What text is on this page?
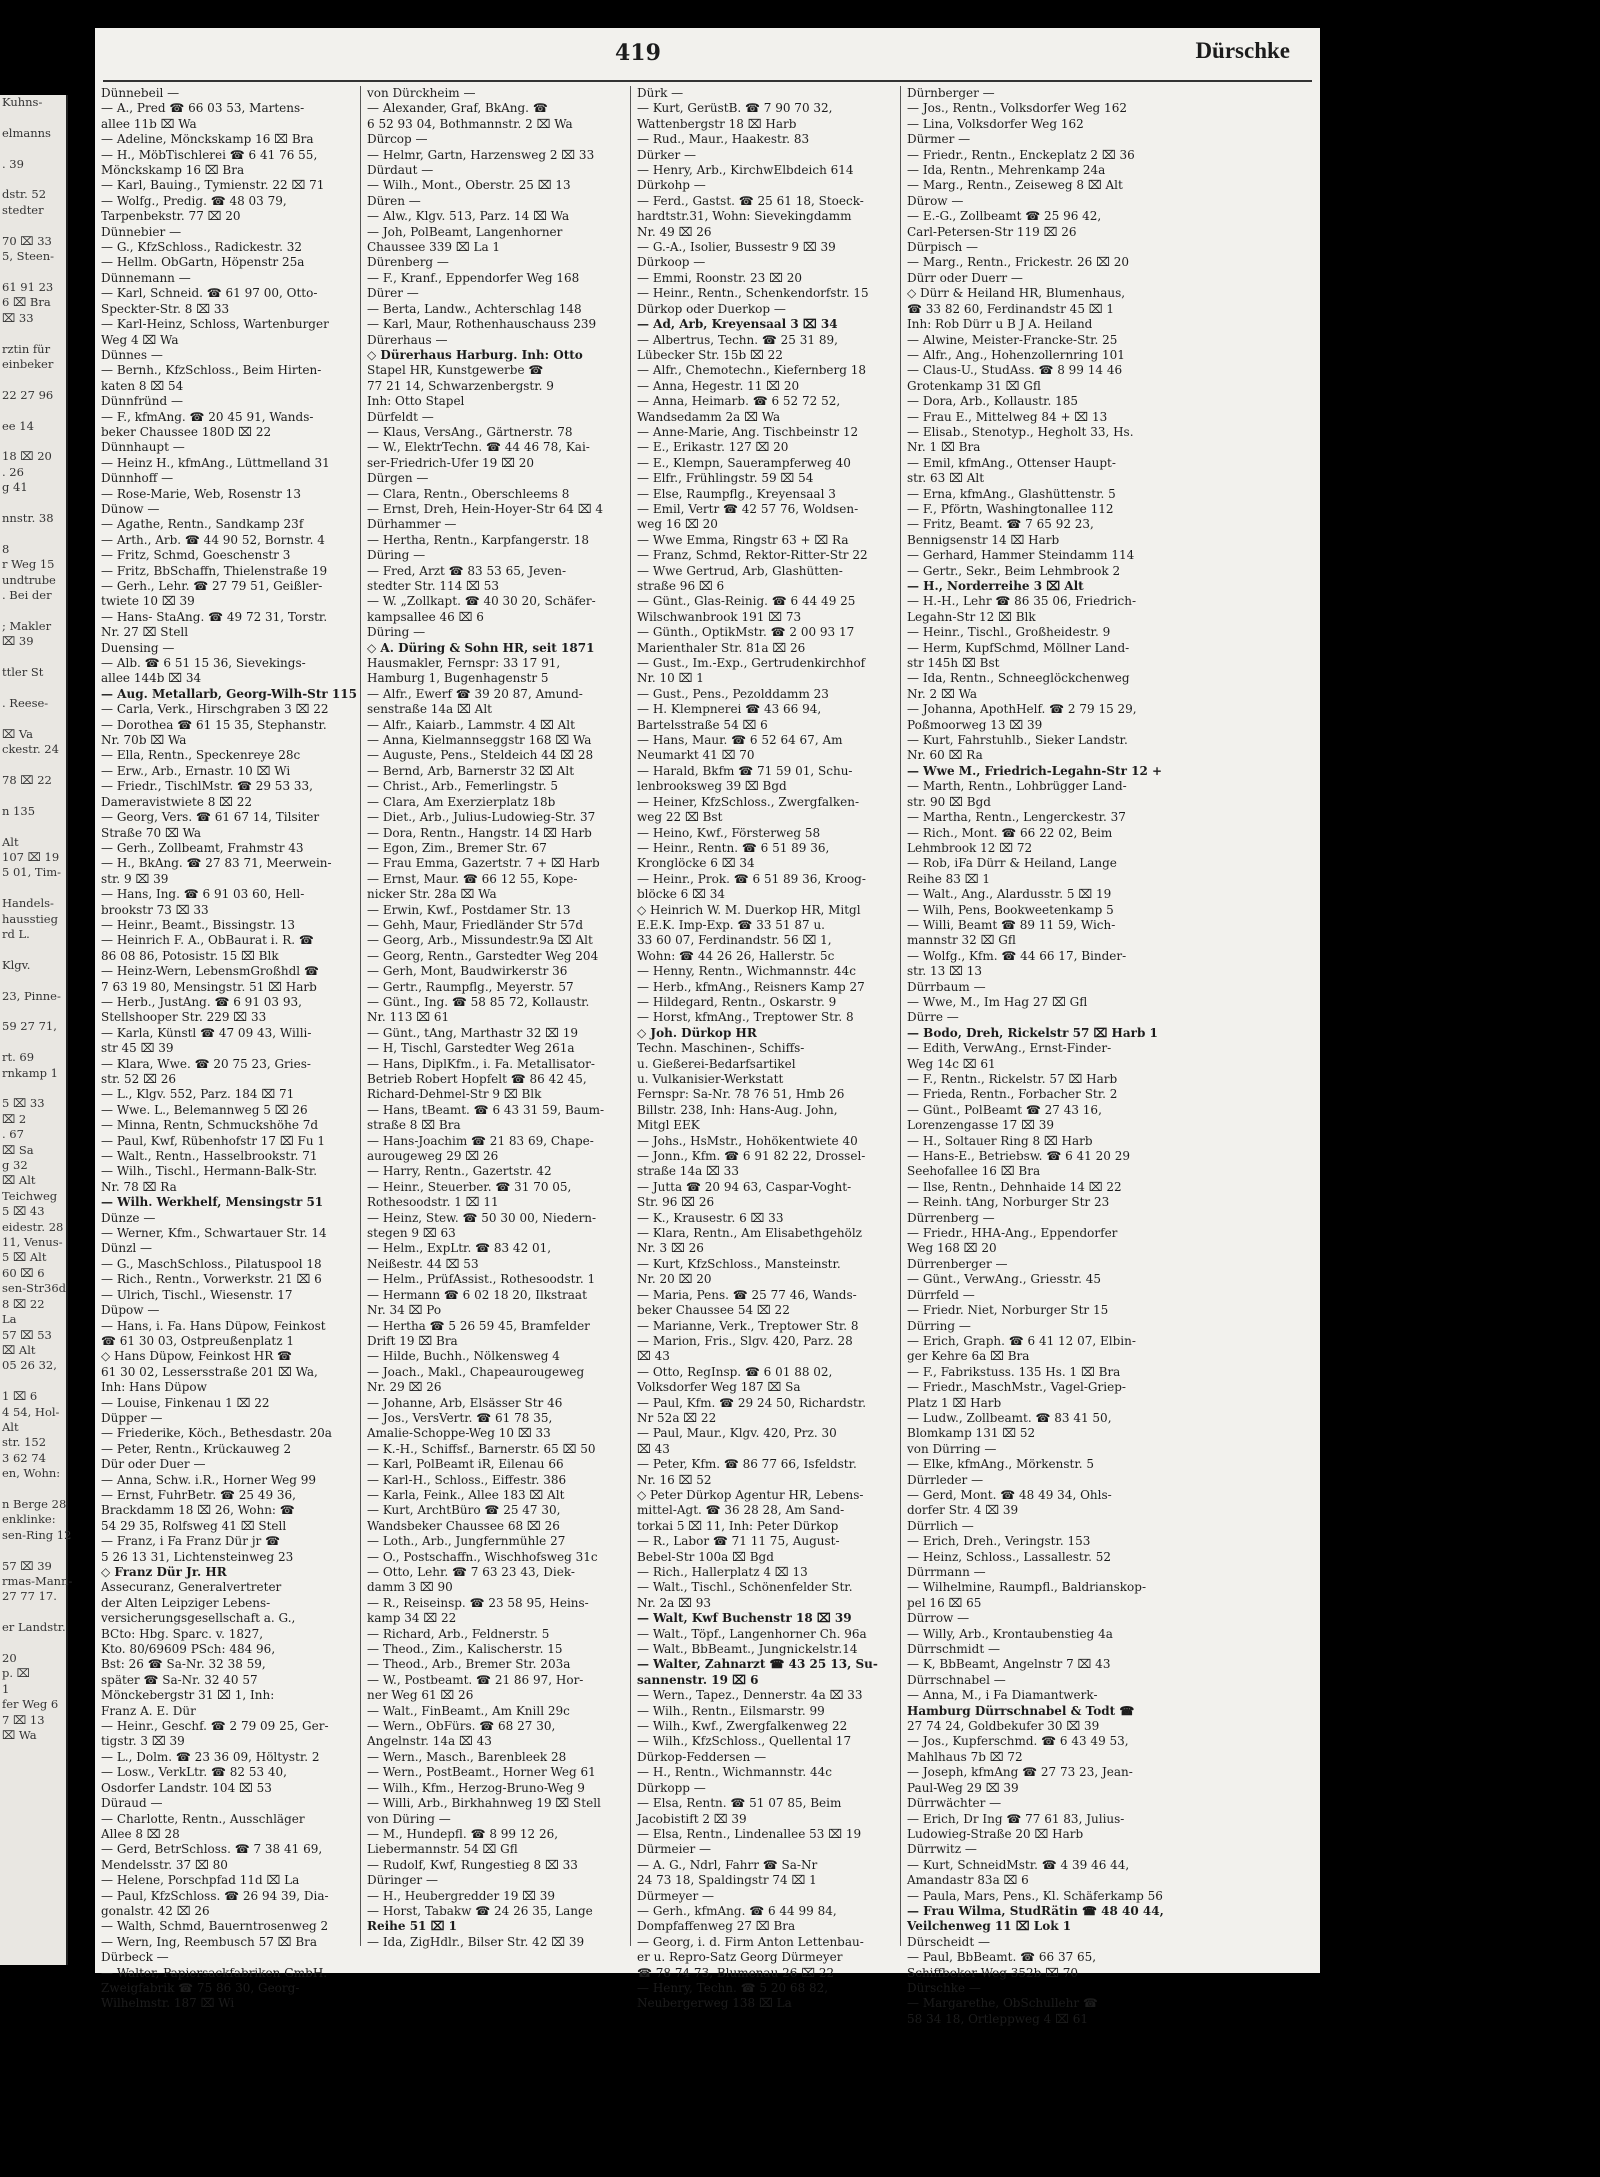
Kuhns-

elmanns

. 39

dstr. 52
stedter

70 ⌧ 33
5, Steen-

61 91 23
6 ⌧ Bra
⌧ 33

rztin für
einbeker

22 27 96

ee 14

18 ⌧ 20
. 26
g 41

nnstr. 38

8
r Weg 15
undtrube
. Bei der

; Makler
⌧ 39

ttler St

. Reese-

⌧ Va
ckestr. 24

78 ⌧ 22

n 135

Alt
107 ⌧ 19
5 01, Tim-

Handels-
hausstieg
rd L.

Klgv.

23, Pinne-

59 27 71,

rt. 69
rnkamp 1

5 ⌧ 33
⌧ 2
. 67
⌧ Sa
g 32
⌧ Alt
Teichweg
5 ⌧ 43
eidestr. 28
11, Venus-
5 ⌧ Alt
60 ⌧ 6
sen-Str36d
8 ⌧ 22
La
57 ⌧ 53
⌧ Alt
05 26 32,

1 ⌧ 6
4 54, Hol-
Alt
str. 152
3 62 74
en, Wohn:

n Berge 28
enklinke:
sen-Ring 12

57 ⌧ 39
rmas-Mann-
27 77 17.

er Landstr.

20
p. ⌧
1
fer Weg 6
7 ⌧ 13
⌧ Wa
419	Dürschke
Dünnebeil —
— A., Pred ☎ 66 03 53, Martens-
allee 11b ⌧ Wa
— Adeline, Mönckskamp 16 ⌧ Bra
— H., MöbTischlerei ☎ 6 41 76 55,
Mönckskamp 16 ⌧ Bra
— Karl, Bauing., Tymienstr. 22 ⌧ 71
— Wolfg., Predig. ☎ 48 03 79,
Tarpenbekstr. 77 ⌧ 20
Dünnebier —
— G., KfzSchloss., Radickestr. 32
— Hellm. ObGartn, Höpenstr 25a
Dünnemann —
— Karl, Schneid. ☎ 61 97 00, Otto-
Speckter-Str. 8 ⌧ 33
— Karl-Heinz, Schloss, Wartenburger
Weg 4 ⌧ Wa
Dünnes —
— Bernh., KfzSchloss., Beim Hirten-
katen 8 ⌧ 54
Dünnfründ —
— F., kfmAng. ☎ 20 45 91, Wands-
beker Chaussee 180D ⌧ 22
Dünnhaupt —
— Heinz H., kfmAng., Lüttmelland 31
Dünnhoff —
— Rose-Marie, Web, Rosenstr 13
Dünow —
— Agathe, Rentn., Sandkamp 23f
— Arth., Arb. ☎ 44 90 52, Bornstr. 4
— Fritz, Schmd, Goeschenstr 3
— Fritz, BbSchaffn, Thielenstraße 19
— Gerh., Lehr. ☎ 27 79 51, Geißler-
twiete 10 ⌧ 39
— Hans- StaAng. ☎ 49 72 31, Torstr.
Nr. 27 ⌧ Stell
Duensing —
— Alb. ☎ 6 51 15 36, Sievekings-
allee 144b ⌧ 34
— Aug. Metallarb, Georg-Wilh-Str 115
— Carla, Verk., Hirschgraben 3 ⌧ 22
— Dorothea ☎ 61 15 35, Stephanstr.
Nr. 70b ⌧ Wa
— Ella, Rentn., Speckenreye 28c
— Erw., Arb., Ernastr. 10 ⌧ Wi
— Friedr., TischlMstr. ☎ 29 53 33,
Dameravistwiete 8 ⌧ 22
— Georg, Vers. ☎ 61 67 14, Tilsiter
Straße 70 ⌧ Wa
— Gerh., Zollbeamt, Frahmstr 43
— H., BkAng. ☎ 27 83 71, Meerwein-
str. 9 ⌧ 39
— Hans, Ing. ☎ 6 91 03 60, Hell-
brookstr 73 ⌧ 33
— Heinr., Beamt., Bissingstr. 13
— Heinrich F. A., ObBaurat i. R. ☎
86 08 86, Potosistr. 15 ⌧ Blk
— Heinz-Wern, LebensmGroßhdl ☎
7 63 19 80, Mensingstr. 51 ⌧ Harb
— Herb., JustAng. ☎ 6 91 03 93,
Stellshooper Str. 229 ⌧ 33
— Karla, Künstl ☎ 47 09 43, Willi-
str 45 ⌧ 39
— Klara, Wwe. ☎ 20 75 23, Gries-
str. 52 ⌧ 26
— L., Klgv. 552, Parz. 184 ⌧ 71
— Wwe. L., Belemannweg 5 ⌧ 26
— Minna, Rentn, Schmuckshöhe 7d
— Paul, Kwf, Rübenhofstr 17 ⌧ Fu 1
— Walt., Rentn., Hasselbrookstr. 71
— Wilh., Tischl., Hermann-Balk-Str.
Nr. 78 ⌧ Ra
— Wilh. Werkhelf, Mensingstr 51
Dünze —
— Werner, Kfm., Schwartauer Str. 14
Dünzl —
— G., MaschSchloss., Pilatuspool 18
— Rich., Rentn., Vorwerkstr. 21 ⌧ 6
— Ulrich, Tischl., Wiesenstr. 17
Düpow —
— Hans, i. Fa. Hans Düpow, Feinkost
☎ 61 30 03, Ostpreußenplatz 1
◇ Hans Düpow, Feinkost HR ☎
61 30 02, Lessersstraße 201 ⌧ Wa,
Inh: Hans Düpow
— Louise, Finkenau 1 ⌧ 22
Düpper —
— Friederike, Köch., Bethesdastr. 20a
— Peter, Rentn., Krückauweg 2
Dür oder Duer —
— Anna, Schw. i.R., Horner Weg 99
— Ernst, FuhrBetr. ☎ 25 49 36,
Brackdamm 18 ⌧ 26, Wohn: ☎
54 29 35, Rolfsweg 41 ⌧ Stell
— Franz, i Fa Franz Dür jr ☎
5 26 13 31, Lichtensteinweg 23
◇ Franz Dür Jr. HR
Assecuranz, Generalvertreter
der Alten Leipziger Lebens-
versicherungsgesellschaft a. G.,
BCto: Hbg. Sparc. v. 1827,
Kto. 80/69609 PSch: 484 96,
Bst: 26 ☎ Sa-Nr. 32 38 59,
später ☎ Sa-Nr. 32 40 57
Mönckebergstr 31 ⌧ 1, Inh:
Franz A. E. Dür
— Heinr., Geschf. ☎ 2 79 09 25, Ger-
tigstr. 3 ⌧ 39
— L., Dolm. ☎ 23 36 09, Höltystr. 2
— Losw., VerkLtr. ☎ 82 53 40,
Osdorfer Landstr. 104 ⌧ 53
Düraud —
— Charlotte, Rentn., Ausschläger
Allee 8 ⌧ 28
— Gerd, BetrSchloss. ☎ 7 38 41 69,
Mendelsstr. 37 ⌧ 80
— Helene, Porschpfad 11d ⌧ La
— Paul, KfzSchloss. ☎ 26 94 39, Dia-
gonalstr. 42 ⌧ 26
— Walth, Schmd, Bauerntrosenweg 2
— Wern, Ing, Reembusch 57 ⌧ Bra
Dürbeck —
— Walter, Papiersackfabriken GmbH.
Zweigfabrik ☎ 75 86 30, Georg-
Wilhelmstr. 187 ⌧ Wi
von Dürckheim —
— Alexander, Graf, BkAng. ☎
6 52 93 04, Bothmannstr. 2 ⌧ Wa
Dürcop —
— Helmr, Gartn, Harzensweg 2 ⌧ 33
Dürdaut —
— Wilh., Mont., Oberstr. 25 ⌧ 13
Düren —
— Alw., Klgv. 513, Parz. 14 ⌧ Wa
— Joh, PolBeamt, Langenhorner
Chaussee 339 ⌧ La 1
Dürenberg —
— F., Kranf., Eppendorfer Weg 168
Dürer —
— Berta, Landw., Achterschlag 148
— Karl, Maur, Rothenhauschauss 239
Dürerhaus —
◇ Dürerhaus Harburg. Inh: Otto
Stapel HR, Kunstgewerbe ☎
77 21 14, Schwarzenbergstr. 9
Inh: Otto Stapel
Dürfeldt —
— Klaus, VersAng., Gärtnerstr. 78
— W., ElektrTechn. ☎ 44 46 78, Kai-
ser-Friedrich-Ufer 19 ⌧ 20
Dürgen —
— Clara, Rentn., Oberschleems 8
— Ernst, Dreh, Hein-Hoyer-Str 64 ⌧ 4
Dürhammer —
— Hertha, Rentn., Karpfangerstr. 18
Düring —
— Fred, Arzt ☎ 83 53 65, Jeven-
stedter Str. 114 ⌧ 53
— W. „Zollkapt. ☎ 40 30 20, Schäfer-
kampsallee 46 ⌧ 6
Düring —
◇ A. Düring & Sohn HR, seit 1871
Hausmakler, Fernspr: 33 17 91,
Hamburg 1, Bugenhagenstr 5
— Alfr., Ewerf ☎ 39 20 87, Amund-
senstraße 14a ⌧ Alt
— Alfr., Kaiarb., Lammstr. 4 ⌧ Alt
— Anna, Kielmannseggstr 168 ⌧ Wa
— Auguste, Pens., Steldeich 44 ⌧ 28
— Bernd, Arb, Barnerstr 32 ⌧ Alt
— Christ., Arb., Femerlingstr. 5
— Clara, Am Exerzierplatz 18b
— Diet., Arb., Julius-Ludowieg-Str. 37
— Dora, Rentn., Hangstr. 14 ⌧ Harb
— Egon, Zim., Bremer Str. 67
— Frau Emma, Gazertstr. 7 + ⌧ Harb
— Ernst, Maur. ☎ 66 12 55, Kope-
nicker Str. 28a ⌧ Wa
— Erwin, Kwf., Postdamer Str. 13
— Gehh, Maur, Friedländer Str 57d
— Georg, Arb., Missundestr.9a ⌧ Alt
— Georg, Rentn., Garstedter Weg 204
— Gerh, Mont, Baudwirkerstr 36
— Gertr., Raumpflg., Meyerstr. 57
— Günt., Ing. ☎ 58 85 72, Kollaustr.
Nr. 113 ⌧ 61
— Günt., tAng, Marthastr 32 ⌧ 19
— H, Tischl, Garstedter Weg 261a
— Hans, DiplKfm., i. Fa. Metallisator-
Betrieb Robert Hopfelt ☎ 86 42 45,
Richard-Dehmel-Str 9 ⌧ Blk
— Hans, tBeamt. ☎ 6 43 31 59, Baum-
straße 8 ⌧ Bra
— Hans-Joachim ☎ 21 83 69, Chape-
aurougeweg 29 ⌧ 26
— Harry, Rentn., Gazertstr. 42
— Heinr., Steuerber. ☎ 31 70 05,
Rothesoodstr. 1 ⌧ 11
— Heinz, Stew. ☎ 50 30 00, Niedern-
stegen 9 ⌧ 63
— Helm., ExpLtr. ☎ 83 42 01,
Neißestr. 44 ⌧ 53
— Helm., PrüfAssist., Rothesoodstr. 1
— Hermann ☎ 6 02 18 20, Ilkstraat
Nr. 34 ⌧ Po
— Hertha ☎ 5 26 59 45, Bramfelder
Drift 19 ⌧ Bra
— Hilde, Buchh., Nölkensweg 4
— Joach., Makl., Chapeaurougeweg
Nr. 29 ⌧ 26
— Johanne, Arb, Elsässer Str 46
— Jos., VersVertr. ☎ 61 78 35,
Amalie-Schoppe-Weg 10 ⌧ 33
— K.-H., Schiffsf., Barnerstr. 65 ⌧ 50
— Karl, PolBeamt iR, Eilenau 66
— Karl-H., Schloss., Eiffestr. 386
— Karla, Feink., Allee 183 ⌧ Alt
— Kurt, ArchtBüro ☎ 25 47 30,
Wandsbeker Chaussee 68 ⌧ 26
— Loth., Arb., Jungfernmühle 27
— O., Postschaffn., Wischhofsweg 31c
— Otto, Lehr. ☎ 7 63 23 43, Diek-
damm 3 ⌧ 90
— R., Reiseinsp. ☎ 23 58 95, Heins-
kamp 34 ⌧ 22
— Richard, Arb., Feldnerstr. 5
— Theod., Zim., Kalischerstr. 15
— Theod., Arb., Bremer Str. 203a
— W., Postbeamt. ☎ 21 86 97, Hor-
ner Weg 61 ⌧ 26
— Walt., FinBeamt., Am Knill 29c
— Wern., ObFürs. ☎ 68 27 30,
Angelnstr. 14a ⌧ 43
— Wern., Masch., Barenbleek 28
— Wern., PostBeamt., Horner Weg 61
— Wilh., Kfm., Herzog-Bruno-Weg 9
— Willi, Arb., Birkhahnweg 19 ⌧ Stell
von Düring —
— M., Hundepfl. ☎ 8 99 12 26,
Liebermannstr. 54 ⌧ Gfl
— Rudolf, Kwf, Rungestieg 8 ⌧ 33
Düringer —
— H., Heubergredder 19 ⌧ 39
— Horst, Tabakw ☎ 24 26 35, Lange
Reihe 51 ⌧ 1
— Ida, ZigHdlr., Bilser Str. 42 ⌧ 39
Dürk —
— Kurt, GerüstB. ☎ 7 90 70 32,
Wattenbergstr 18 ⌧ Harb
— Rud., Maur., Haakestr. 83
Dürker —
— Henry, Arb., KirchwElbdeich 614
Dürkohp —
— Ferd., Gastst. ☎ 25 61 18, Stoeck-
hardtstr.31, Wohn: Sievekingdamm
Nr. 49 ⌧ 26
— G.-A., Isolier, Bussestr 9 ⌧ 39
Dürkoop —
— Emmi, Roonstr. 23 ⌧ 20
— Heinr., Rentn., Schenkendorfstr. 15
Dürkop oder Duerkop —
— Ad, Arb, Kreyensaal 3 ⌧ 34
— Albertrus, Techn. ☎ 25 31 89,
Lübecker Str. 15b ⌧ 22
— Alfr., Chemotechn., Kiefernberg 18
— Anna, Hegestr. 11 ⌧ 20
— Anna, Heimarb. ☎ 6 52 72 52,
Wandsedamm 2a ⌧ Wa
— Anne-Marie, Ang. Tischbeinstr 12
— E., Erikastr. 127 ⌧ 20
— E., Klempn, Sauerampferweg 40
— Elfr., Frühlingstr. 59 ⌧ 54
— Else, Raumpflg., Kreyensaal 3
— Emil, Vertr ☎ 42 57 76, Woldsen-
weg 16 ⌧ 20
— Wwe Emma, Ringstr 63 + ⌧ Ra
— Franz, Schmd, Rektor-Ritter-Str 22
— Wwe Gertrud, Arb, Glashütten-
straße 96 ⌧ 6
— Günt., Glas-Reinig. ☎ 6 44 49 25
Wilschwanbrook 191 ⌧ 73
— Günth., OptikMstr. ☎ 2 00 93 17
Marienthaler Str. 81a ⌧ 26
— Gust., Im.-Exp., Gertrudenkirchhof
Nr. 10 ⌧ 1
— Gust., Pens., Pezolddamm 23
— H. Klempnerei ☎ 43 66 94,
Bartelsstraße 54 ⌧ 6
— Hans, Maur. ☎ 6 52 64 67, Am
Neumarkt 41 ⌧ 70
— Harald, Bkfm ☎ 71 59 01, Schu-
lenbrooksweg 39 ⌧ Bgd
— Heiner, KfzSchloss., Zwergfalken-
weg 22 ⌧ Bst
— Heino, Kwf., Försterweg 58
— Heinr., Rentn. ☎ 6 51 89 36,
Kronglöcke 6 ⌧ 34
— Heinr., Prok. ☎ 6 51 89 36, Kroog-
blöcke 6 ⌧ 34
◇ Heinrich W. M. Duerkop HR, Mitgl
E.E.K. Imp-Exp. ☎ 33 51 87 u.
33 60 07, Ferdinandstr. 56 ⌧ 1,
Wohn: ☎ 44 26 26, Hallerstr. 5c
— Henny, Rentn., Wichmannstr. 44c
— Herb., kfmAng., Reisners Kamp 27
— Hildegard, Rentn., Oskarstr. 9
— Horst, kfmAng., Treptower Str. 8
◇ Joh. Dürkop HR
Techn. Maschinen-, Schiffs-
u. Gießerei-Bedarfsartikel
u. Vulkanisier-Werkstatt
Fernspr: Sa-Nr. 78 76 51, Hmb 26
Billstr. 238, Inh: Hans-Aug. John,
Mitgl EEK
— Johs., HsMstr., Hohökentwiete 40
— Jonn., Kfm. ☎ 6 91 82 22, Drossel-
straße 14a ⌧ 33
— Jutta ☎ 20 94 63, Caspar-Voght-
Str. 96 ⌧ 26
— K., Krausestr. 6 ⌧ 33
— Klara, Rentn., Am Elisabethgehölz
Nr. 3 ⌧ 26
— Kurt, KfzSchloss., Mansteinstr.
Nr. 20 ⌧ 20
— Maria, Pens. ☎ 25 77 46, Wands-
beker Chaussee 54 ⌧ 22
— Marianne, Verk., Treptower Str. 8
— Marion, Fris., Slgv. 420, Parz. 28
⌧ 43
— Otto, RegInsp. ☎ 6 01 88 02,
Volksdorfer Weg 187 ⌧ Sa
— Paul, Kfm. ☎ 29 24 50, Richardstr.
Nr 52a ⌧ 22
— Paul, Maur., Klgv. 420, Prz. 30
⌧ 43
— Peter, Kfm. ☎ 86 77 66, Isfeldstr.
Nr. 16 ⌧ 52
◇ Peter Dürkop Agentur HR, Lebens-
mittel-Agt. ☎ 36 28 28, Am Sand-
torkai 5 ⌧ 11, Inh: Peter Dürkop
— R., Labor ☎ 71 11 75, August-
Bebel-Str 100a ⌧ Bgd
— Rich., Hallerplatz 4 ⌧ 13
— Walt., Tischl., Schönenfelder Str.
Nr. 2a ⌧ 93
— Walt, Kwf Buchenstr 18 ⌧ 39
— Walt., Töpf., Langenhorner Ch. 96a
— Walt., BbBeamt., Jungnickelstr.14
— Walter, Zahnarzt ☎ 43 25 13, Su-
sannenstr. 19 ⌧ 6
— Wern., Tapez., Dennerstr. 4a ⌧ 33
— Wilh., Rentn., Eilsmarstr. 99
— Wilh., Kwf., Zwergfalkenweg 22
— Wilh., KfzSchloss., Quellental 17
Dürkop-Feddersen —
— H., Rentn., Wichmannstr. 44c
Dürkopp —
— Elsa, Rentn. ☎ 51 07 85, Beim
Jacobistift 2 ⌧ 39
— Elsa, Rentn., Lindenallee 53 ⌧ 19
Dürmeier —
— A. G., Ndrl, Fahrr ☎ Sa-Nr
24 73 18, Spaldingstr 74 ⌧ 1
Dürmeyer —
— Gerh., kfmAng. ☎ 6 44 99 84,
Dompfaffenweg 27 ⌧ Bra
— Georg, i. d. Firm Anton Lettenbau-
er u. Repro-Satz Georg Dürmeyer
☎ 78 74 73, Blumenau 26 ⌧ 22
— Henry, Techn. ☎ 5 20 68 82,
Neubergerweg 138 ⌧ La
Dürnberger —
— Jos., Rentn., Volksdorfer Weg 162
— Lina, Volksdorfer Weg 162
Dürmer —
— Friedr., Rentn., Enckeplatz 2 ⌧ 36
— Ida, Rentn., Mehrenkamp 24a
— Marg., Rentn., Zeiseweg 8 ⌧ Alt
Dürow —
— E.-G., Zollbeamt ☎ 25 96 42,
Carl-Petersen-Str 119 ⌧ 26
Dürpisch —
— Marg., Rentn., Frickestr. 26 ⌧ 20
Dürr oder Duerr —
◇ Dürr & Heiland HR, Blumenhaus,
☎ 33 82 60, Ferdinandstr 45 ⌧ 1
Inh: Rob Dürr u B J A. Heiland
— Alwine, Meister-Francke-Str. 25
— Alfr., Ang., Hohenzollernring 101
— Claus-U., StudAss. ☎ 8 99 14 46
Grotenkamp 31 ⌧ Gfl
— Dora, Arb., Kollaustr. 185
— Frau E., Mittelweg 84 + ⌧ 13
— Elisab., Stenotyp., Hegholt 33, Hs.
Nr. 1 ⌧ Bra
— Emil, kfmAng., Ottenser Haupt-
str. 63 ⌧ Alt
— Erna, kfmAng., Glashüttenstr. 5
— F., Pförtn, Washingtonallee 112
— Fritz, Beamt. ☎ 7 65 92 23,
Bennigsenstr 14 ⌧ Harb
— Gerhard, Hammer Steindamm 114
— Gertr., Sekr., Beim Lehmbrook 2
— H., Norderreihe 3 ⌧ Alt
— H.-H., Lehr ☎ 86 35 06, Friedrich-
Legahn-Str 12 ⌧ Blk
— Heinr., Tischl., Großheidestr. 9
— Herm, KupfSchmd, Möllner Land-
str 145h ⌧ Bst
— Ida, Rentn., Schneeglöckchenweg
Nr. 2 ⌧ Wa
— Johanna, ApothHelf. ☎ 2 79 15 29,
Poßmoorweg 13 ⌧ 39
— Kurt, Fahrstuhlb., Sieker Landstr.
Nr. 60 ⌧ Ra
— Wwe M., Friedrich-Legahn-Str 12 +
— Marth, Rentn., Lohbrügger Land-
str. 90 ⌧ Bgd
— Martha, Rentn., Lengerckestr. 37
— Rich., Mont. ☎ 66 22 02, Beim
Lehmbrook 12 ⌧ 72
— Rob, iFa Dürr & Heiland, Lange
Reihe 83 ⌧ 1
— Walt., Ang., Alardusstr. 5 ⌧ 19
— Wilh, Pens, Bookweetenkamp 5
— Willi, Beamt ☎ 89 11 59, Wich-
mannstr 32 ⌧ Gfl
— Wolfg., Kfm. ☎ 44 66 17, Binder-
str. 13 ⌧ 13
Dürrbaum —
— Wwe, M., Im Hag 27 ⌧ Gfl
Dürre —
— Bodo, Dreh, Rickelstr 57 ⌧ Harb 1
— Edith, VerwAng., Ernst-Finder-
Weg 14c ⌧ 61
— F., Rentn., Rickelstr. 57 ⌧ Harb
— Frieda, Rentn., Forbacher Str. 2
— Günt., PolBeamt ☎ 27 43 16,
Lorenzengasse 17 ⌧ 39
— H., Soltauer Ring 8 ⌧ Harb
— Hans-E., Betriebsw. ☎ 6 41 20 29
Seehofallee 16 ⌧ Bra
— Ilse, Rentn., Dehnhaide 14 ⌧ 22
— Reinh. tAng, Norburger Str 23
Dürrenberg —
— Friedr., HHA-Ang., Eppendorfer
Weg 168 ⌧ 20
Dürrenberger —
— Günt., VerwAng., Griesstr. 45
Dürrfeld —
— Friedr. Niet, Norburger Str 15
Dürring —
— Erich, Graph. ☎ 6 41 12 07, Elbin-
ger Kehre 6a ⌧ Bra
— F., Fabrikstuss. 135 Hs. 1 ⌧ Bra
— Friedr., MaschMstr., Vagel-Griep-
Platz 1 ⌧ Harb
— Ludw., Zollbeamt. ☎ 83 41 50,
Blomkamp 131 ⌧ 52
von Dürring —
— Elke, kfmAng., Mörkenstr. 5
Dürrleder —
— Gerd, Mont. ☎ 48 49 34, Ohls-
dorfer Str. 4 ⌧ 39
Dürrlich —
— Erich, Dreh., Veringstr. 153
— Heinz, Schloss., Lassallestr. 52
Dürrmann —
— Wilhelmine, Raumpfl., Baldrianskop-
pel 16 ⌧ 65
Dürrow —
— Willy, Arb., Krontaubenstieg 4a
Dürrschmidt —
— K, BbBeamt, Angelnstr 7 ⌧ 43
Dürrschnabel —
— Anna, M., i Fa Diamantwerk-
Hamburg Dürrschnabel & Todt ☎
27 74 24, Goldbekufer 30 ⌧ 39
— Jos., Kupferschmd. ☎ 6 43 49 53,
Mahlhaus 7b ⌧ 72
— Joseph, kfmAng ☎ 27 73 23, Jean-
Paul-Weg 29 ⌧ 39
Dürrwächter —
— Erich, Dr Ing ☎ 77 61 83, Julius-
Ludowieg-Straße 20 ⌧ Harb
Dürrwitz —
— Kurt, SchneidMstr. ☎ 4 39 46 44,
Amandastr 83a ⌧ 6
— Paula, Mars, Pens., Kl. Schäferkamp 56
— Frau Wilma, StudRätin ☎ 48 40 44,
Veilchenweg 11 ⌧ Lok 1
Dürscheidt —
— Paul, BbBeamt. ☎ 66 37 65,
Schiffbeker Weg 352b ⌧ 70
Dürschke —
— Margarethe, ObSchullehr ☎
58 34 18, Ortleppweg 4 ⌧ 61
